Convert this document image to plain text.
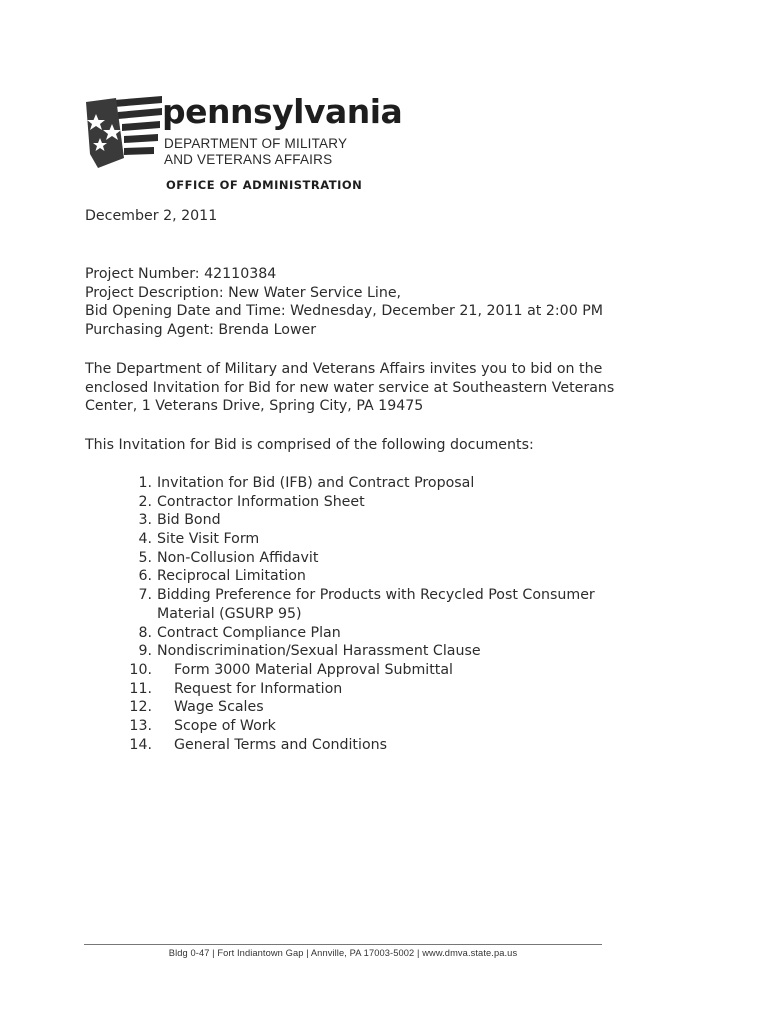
pennsylvania
DEPARTMENT OF MILITARY
AND VETERANS AFFAIRS
OFFICE OF ADMINISTRATION
December 2, 2011
Project Number: 42110384
Project Description: New Water Service Line,
Bid Opening Date and Time: Wednesday, December 21, 2011 at 2:00 PM
Purchasing Agent: Brenda Lower
The Department of Military and Veterans Affairs invites you to bid on the
enclosed Invitation for Bid for new water service at Southeastern Veterans
Center, 1 Veterans Drive, Spring City, PA 19475
This Invitation for Bid is comprised of the following documents:
1. Invitation for Bid (IFB) and Contract Proposal
2. Contractor Information Sheet
3. Bid Bond
4. Site Visit Form
5. Non-Collusion Affidavit
6. Reciprocal Limitation
7. Bidding Preference for Products with Recycled Post Consumer
Material (GSURP 95)
8. Contract Compliance Plan
9. Nondiscrimination/Sexual Harassment Clause
10.	Form 3000 Material Approval Submittal
11.	Request for Information
12.	Wage Scales
13.	Scope of Work
14.	General Terms and Conditions
Bldg 0-47 | Fort Indiantown Gap | Annville, PA 17003-5002 | www.dmva.state.pa.us
